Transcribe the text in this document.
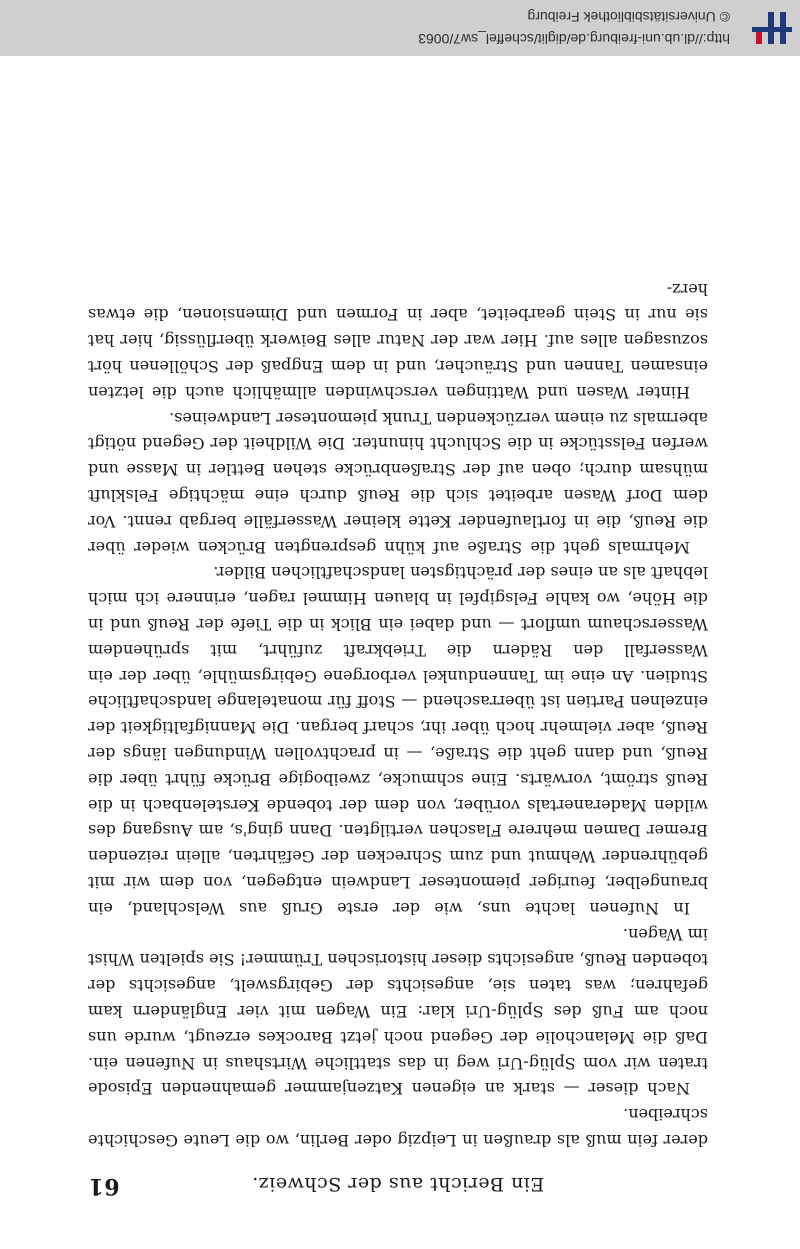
http://dl.ub.uni-freiburg.de/diglit/scheffel_sw7/0063
© Universitätsbibliothek Freiburg
Ein Bericht aus der Schweiz.
61

derer fein muß als draußen in Leipzig oder Berlin, wo die Leute Geschichte schreiben.

Nach dieser — stark an eigenen Katzenjammer gemahnenden Episode traten wir vom Splüg-Uri weg in das stattliche Wirtshaus in Nufenen ein. Daß die Melancholie der Gegend noch jetzt Barockes erzeugt, wurde uns noch am Fuß des Splüg-Uri klar: Ein Wagen mit vier Engländern kam gefahren; was taten sie, angesichts der Gebirgswelt, angesichts der tobenden Reuß, angesichts dieser historischen Trümmer! Sie spielten Whist im Wagen.

In Nufenen lachte uns, wie der erste Gruß aus Welschland, ein braungelber, feuriger piemonteser Landwein entgegen, von dem wir mit gebührender Wehmut und zum Schrecken der Gefährten, allein reizenden Bremer Damen mehrere Flaschen vertilgten. Dann ging's, am Ausgang des wilden Maderanertals vorüber, von dem der tobende Kerstelenbach in die Reuß strömt, vorwärts. Eine schmucke, zweibogige Brücke führt über die Reuß, und dann geht die Straße, — in prachtvollen Windungen längs der Reuß, aber vielmehr hoch über ihr, scharf bergan. Die Mannigfaltigkeit der einzelnen Partien ist überraschend — Stoff für monatelange landschaftliche Studien. An eine im Tannendunkel verborgene Gebirgsmühle, über der ein Wasserfall den Rädern die Triebkraft zuführt, mit sprühendem Wasserschaum umflort — und dabei ein Blick in die Tiefe der Reuß und in die Höhe, wo kahle Felsgipfel in blauen Himmel ragen, erinnere ich mich lebhaft als an eines der prächtigsten landschaftlichen Bilder.

Mehrmals geht die Straße auf kühn gesprengten Brücken wieder über die Reuß, die in fortlaufender Kette kleiner Wasserfälle bergab rennt. Vor dem Dorf Wasen arbeitet sich die Reuß durch eine mächtige Felskluft mühsam durch; oben auf der Straßenbrücke stehen Bettler in Masse und werfen Felsstücke in die Schlucht hinunter. Die Wildheit der Gegend nötigt abermals zu einem verzückenden Trunk piemonteser Landweines.

Hinter Wasen und Wattingen verschwinden allmählich auch die letzten einsamen Tannen und Sträucher, und in dem Engpaß der Schöllenen hört sozusagen alles auf. Hier war der Natur alles Beiwerk überflüssig, hier hat sie nur in Stein gearbeitet, aber in Formen und Dimensionen, die etwas herz-
